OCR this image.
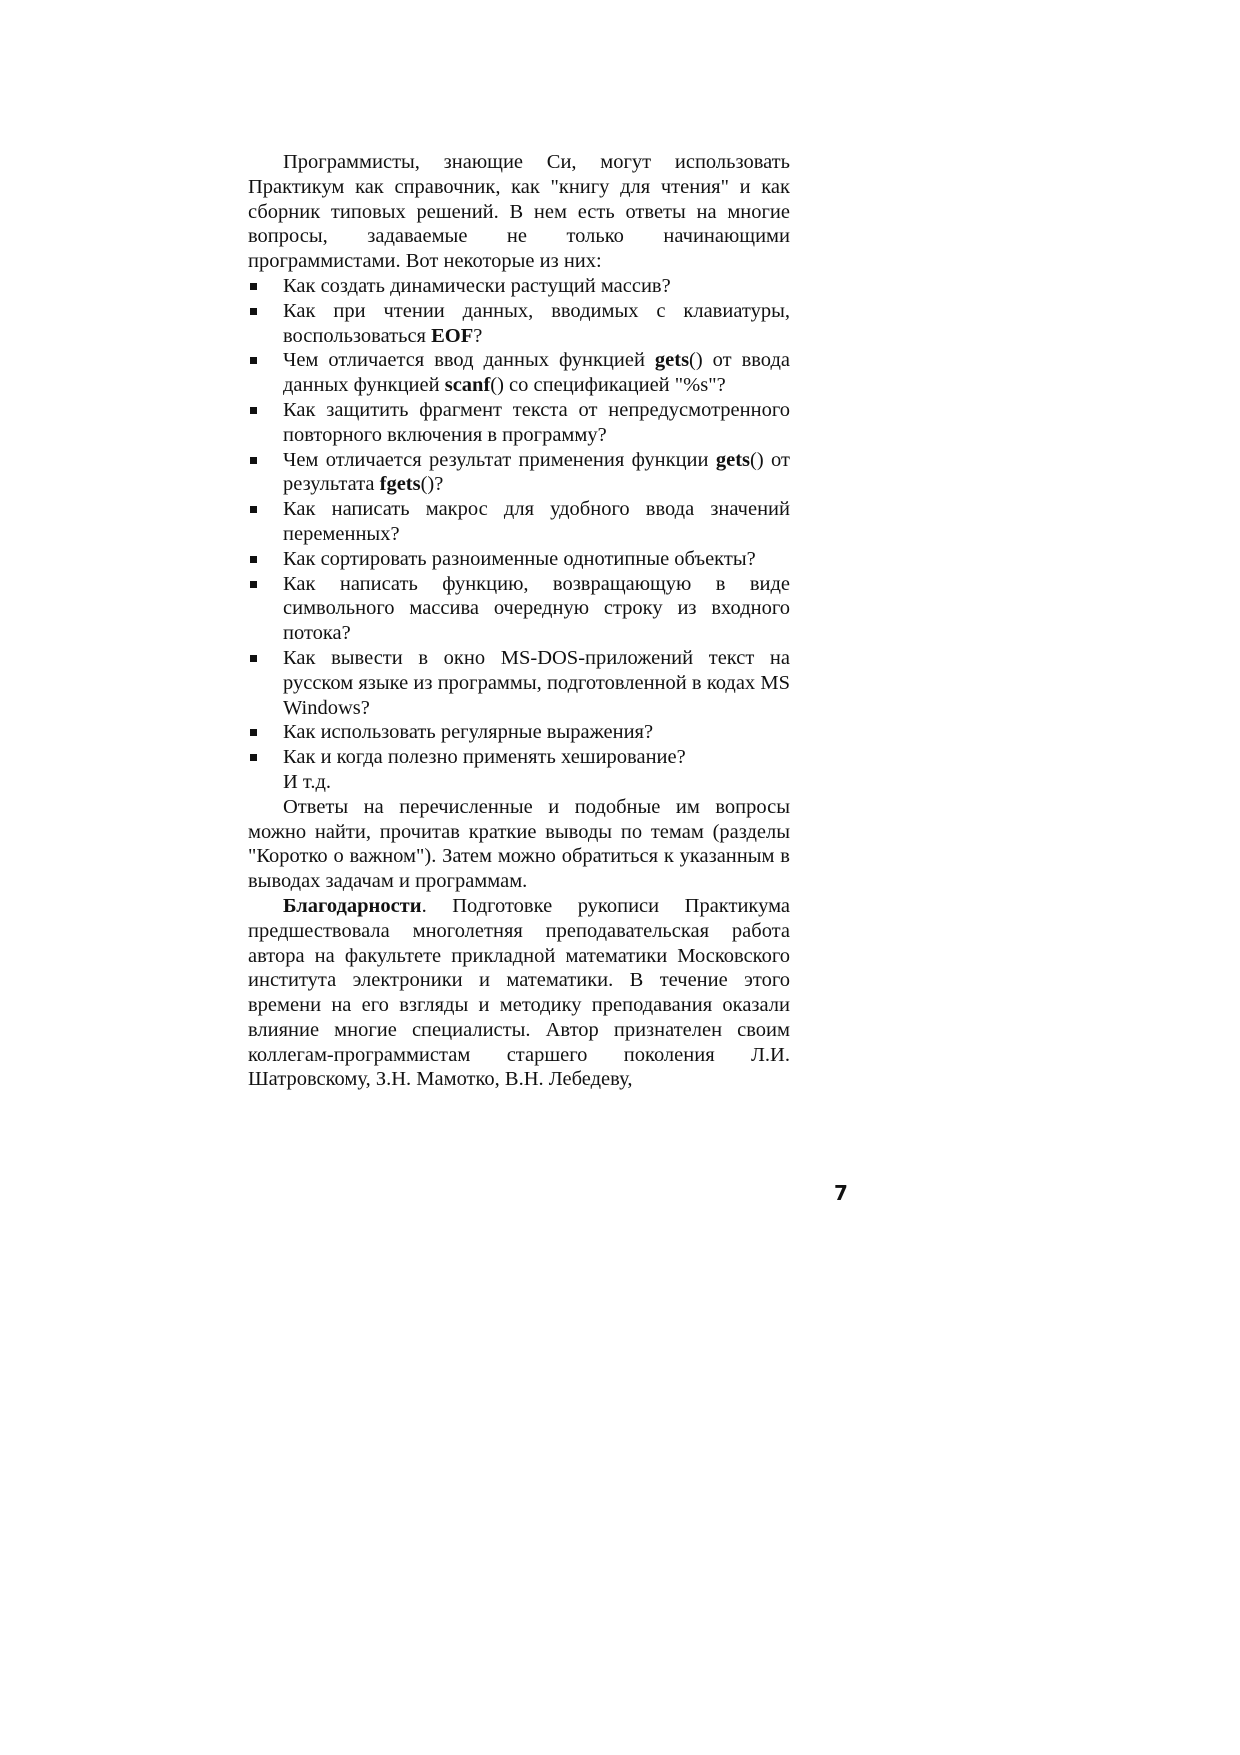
Программисты, знающие Си, могут использовать Практикум как справочник, как "книгу для чтения" и как сборник типовых решений. В нем есть ответы на многие вопросы, задаваемые не только начинающими программистами. Вот некоторые из них:

Как создать динамически растущий массив?
Как при чтении данных, вводимых с клавиатуры, воспользоваться EOF?
Чем отличается ввод данных функцией gets() от ввода данных функцией scanf() со спецификацией "%s"?
Как защитить фрагмент текста от непредусмотренного повторного включения в программу?
Чем отличается результат применения функции gets() от результата fgets()?
Как написать макрос для удобного ввода значений переменных?
Как сортировать разноименные однотипные объекты?
Как написать функцию, возвращающую в виде символьного массива очередную строку из входного потока?
Как вывести в окно MS-DOS-приложений текст на русском языке из программы, подготовленной в кодах MS Windows?
Как использовать регулярные выражения?
Как и когда полезно применять хеширование?
И т.д.

Ответы на перечисленные и подобные им вопросы можно найти, прочитав краткие выводы по темам (разделы "Коротко о важном"). Затем можно обратиться к указанным в выводах задачам и программам.

Благодарности. Подготовке рукописи Практикума предшествовала многолетняя преподавательская работа автора на факультете прикладной математики Московского института электроники и математики. В течение этого времени на его взгляды и методику преподавания оказали влияние многие специалисты. Автор признателен своим коллегам-программистам старшего поколения Л.И. Шатровскому, З.Н. Мамотко, В.Н. Лебедеву,

7
